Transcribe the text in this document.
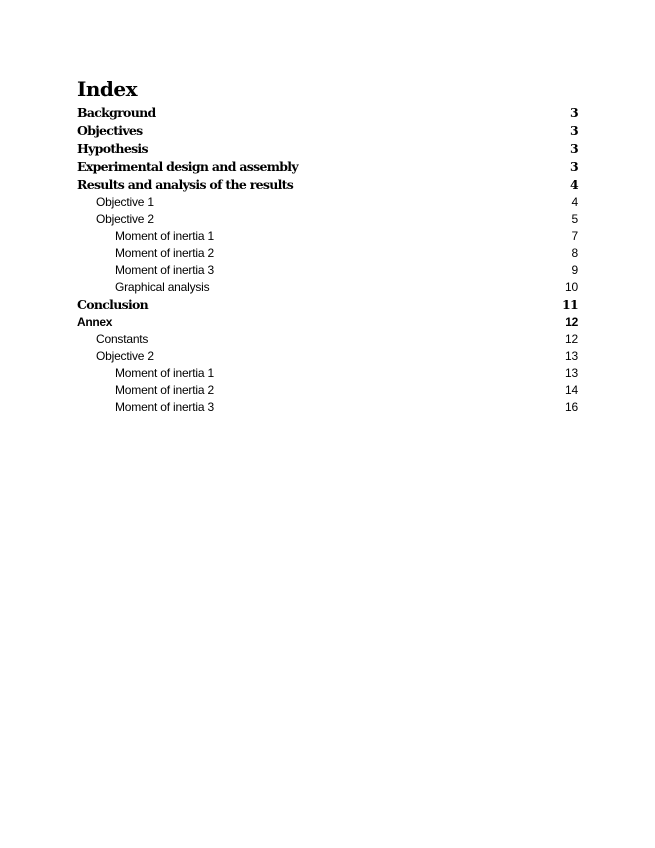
Index
Background	3
Objectives	3
Hypothesis	3
Experimental design and assembly	3
Results and analysis of the results	4
Objective 1	4
Objective 2	5
Moment of inertia 1	7
Moment of inertia 2	8
Moment of inertia 3	9
Graphical analysis	10
Conclusion	11
Annex	12
Constants	12
Objective 2	13
Moment of inertia 1	13
Moment of inertia 2	14
Moment of inertia 3	16
